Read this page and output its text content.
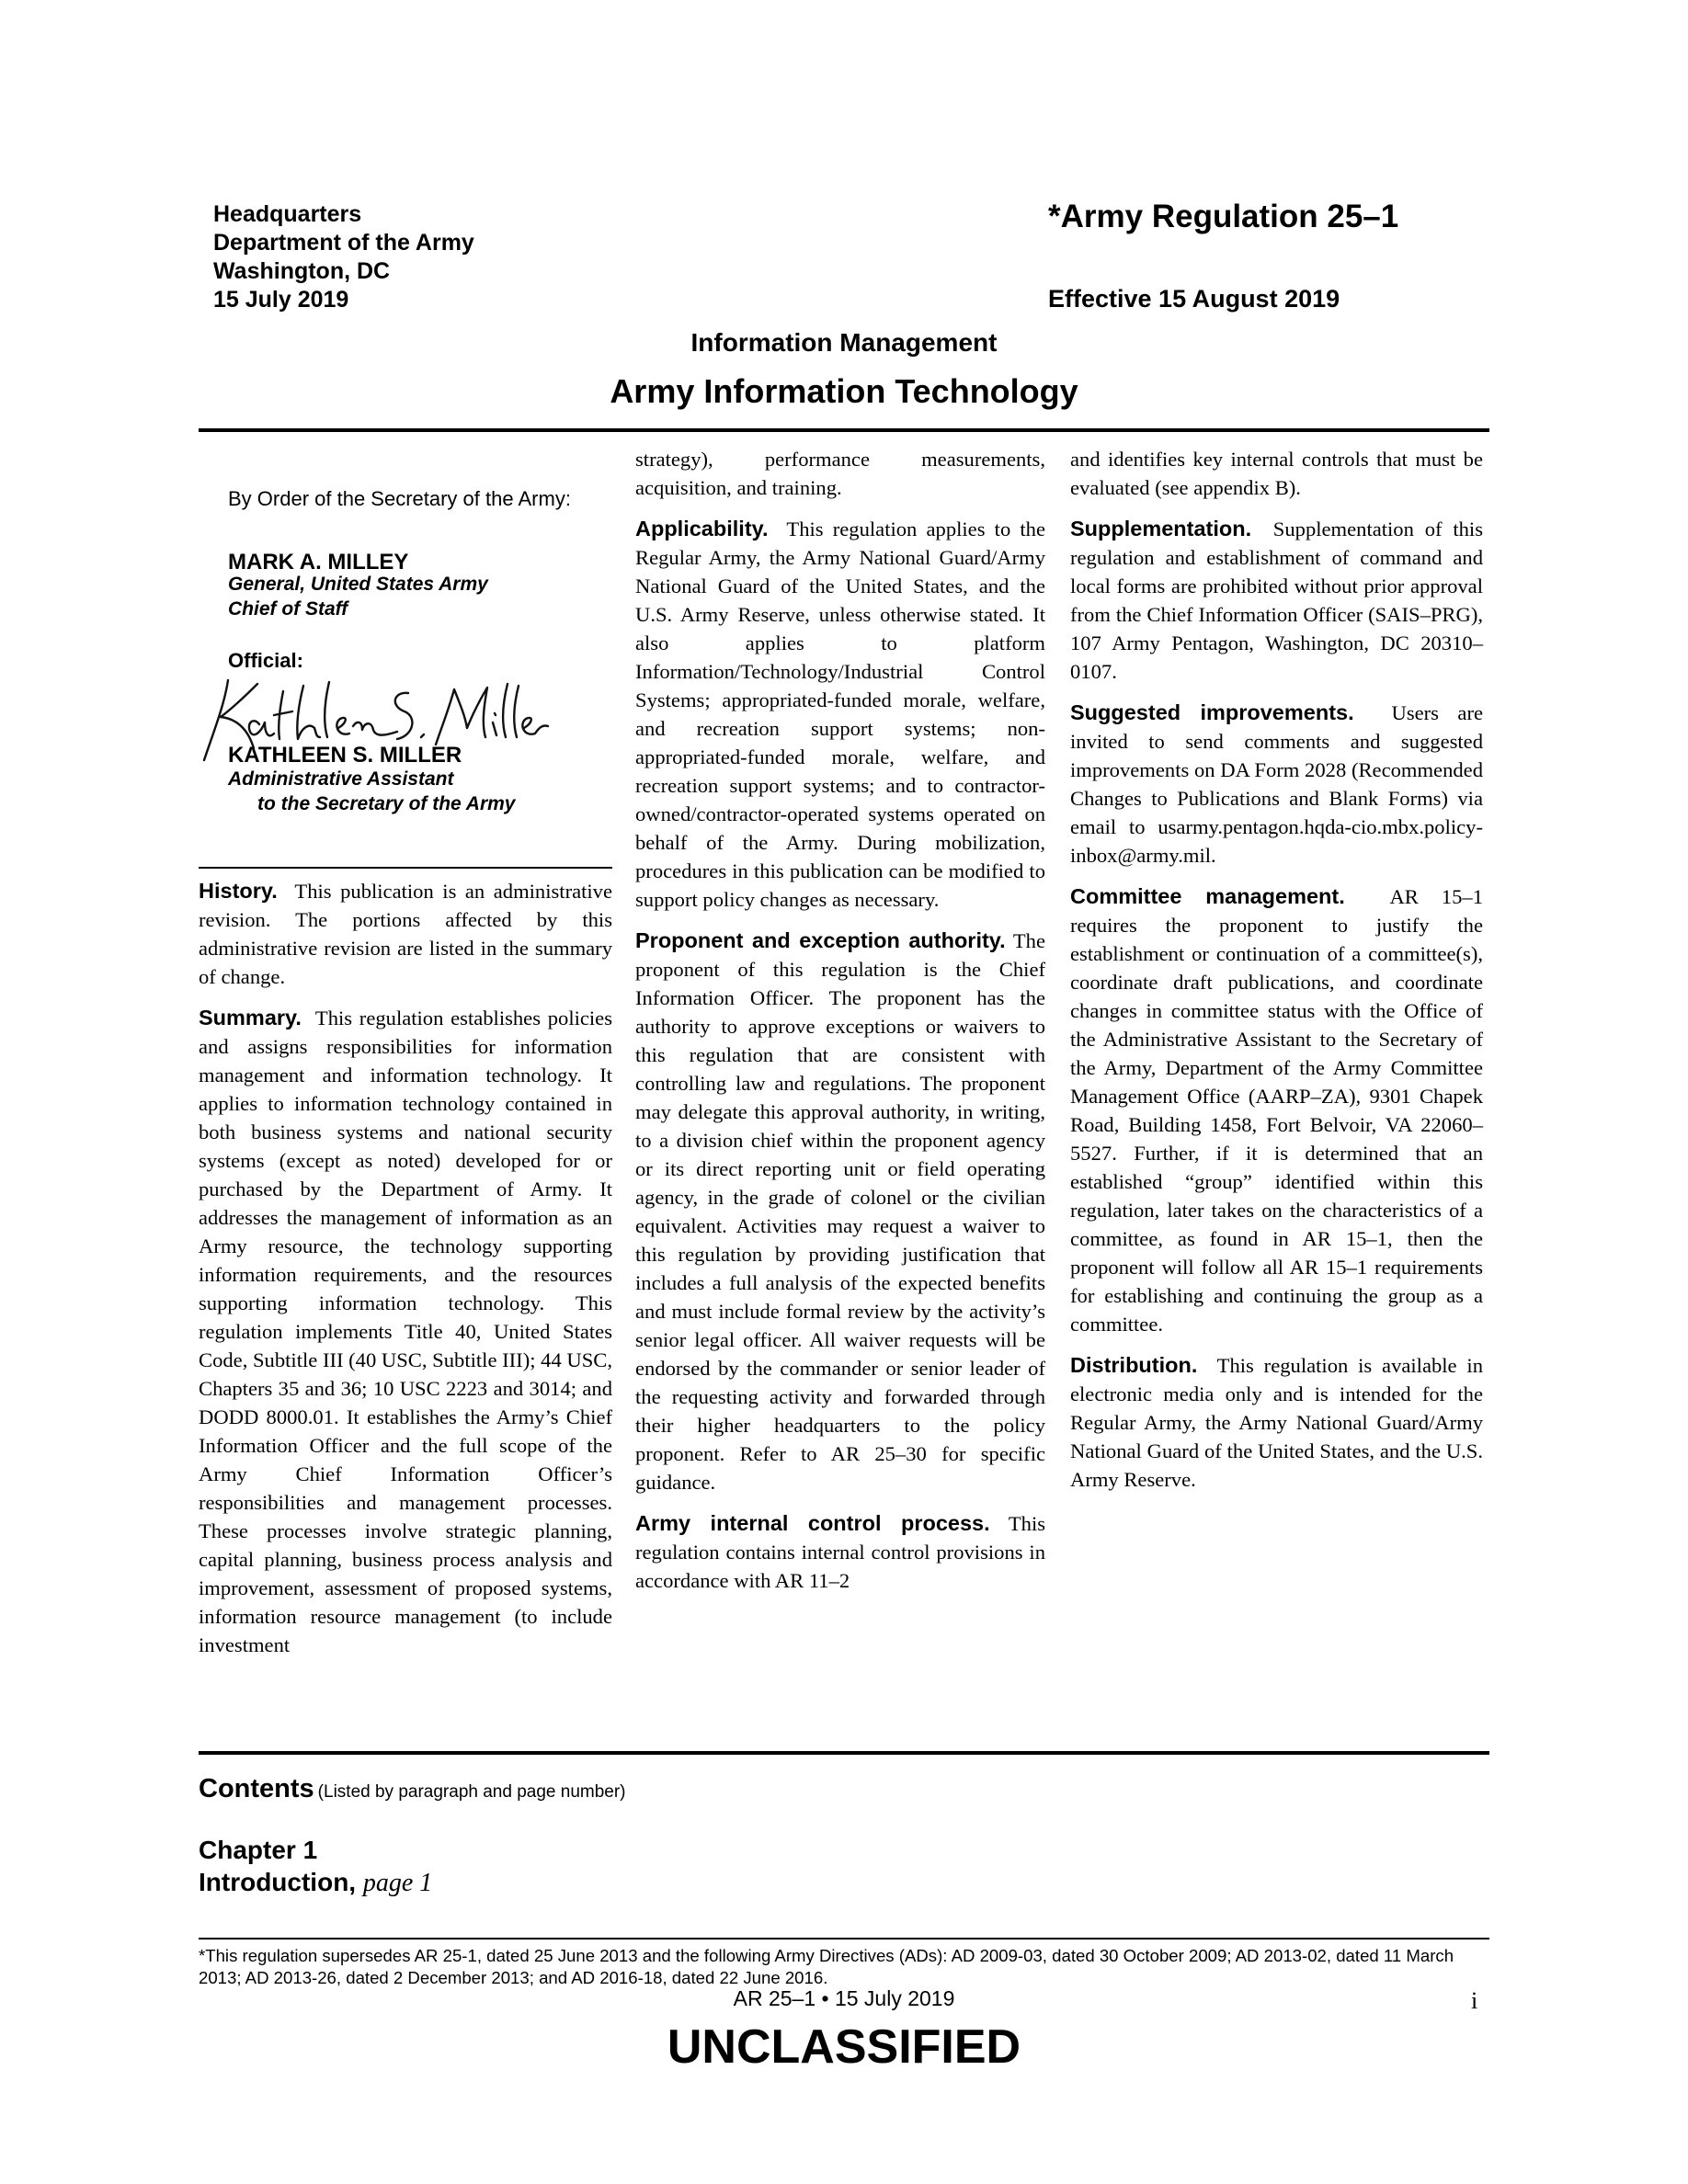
Headquarters
Department of the Army
Washington, DC
15 July 2019
*Army Regulation 25–1
Effective 15 August 2019
Information Management
Army Information Technology
By Order of the Secretary of the Army:
MARK A. MILLEY
General, United States Army
Chief of Staff
Official:
KATHLEEN S. MILLER
Administrative Assistant
to the Secretary of the Army

History. This publication is an administrative revision. The portions affected by this administrative revision are listed in the summary of change.

Summary. This regulation establishes policies and assigns responsibilities for information management and information technology. It applies to information technology contained in both business systems and national security systems (except as noted) developed for or purchased by the Department of Army. It addresses the management of information as an Army resource, the technology supporting information requirements, and the resources supporting information technology. This regulation implements Title 40, United States Code, Subtitle III (40 USC, Subtitle III); 44 USC, Chapters 35 and 36; 10 USC 2223 and 3014; and DODD 8000.01. It establishes the Army’s Chief Information Officer and the full scope of the Army Chief Information Officer’s responsibilities and management processes. These processes involve strategic planning, capital planning, business process analysis and improvement, assessment of proposed systems, information resource management (to include investment

strategy), performance measurements, acquisition, and training.

Applicability. This regulation applies to the Regular Army, the Army National Guard/Army National Guard of the United States, and the U.S. Army Reserve, unless otherwise stated. It also applies to platform Information/Technology/Industrial Control Systems; appropriated-funded morale, welfare, and recreation support systems; non-appropriated-funded morale, welfare, and recreation support systems; and to contractor-owned/contractor-operated systems operated on behalf of the Army. During mobilization, procedures in this publication can be modified to support policy changes as necessary.

Proponent and exception authority. The proponent of this regulation is the Chief Information Officer. The proponent has the authority to approve exceptions or waivers to this regulation that are consistent with controlling law and regulations. The proponent may delegate this approval authority, in writing, to a division chief within the proponent agency or its direct reporting unit or field operating agency, in the grade of colonel or the civilian equivalent. Activities may request a waiver to this regulation by providing justification that includes a full analysis of the expected benefits and must include formal review by the activity’s senior legal officer. All waiver requests will be endorsed by the commander or senior leader of the requesting activity and forwarded through their higher headquarters to the policy proponent. Refer to AR 25–30 for specific guidance.

Army internal control process. This regulation contains internal control provisions in accordance with AR 11–2

and identifies key internal controls that must be evaluated (see appendix B).

Supplementation. Supplementation of this regulation and establishment of command and local forms are prohibited without prior approval from the Chief Information Officer (SAIS–PRG), 107 Army Pentagon, Washington, DC 20310–0107.

Suggested improvements. Users are invited to send comments and suggested improvements on DA Form 2028 (Recommended Changes to Publications and Blank Forms) via email to usarmy.pentagon.hqda-cio.mbx.policy-inbox@army.mil.

Committee management. AR 15–1 requires the proponent to justify the establishment or continuation of a committee(s), coordinate draft publications, and coordinate changes in committee status with the Office of the Administrative Assistant to the Secretary of the Army, Department of the Army Committee Management Office (AARP–ZA), 9301 Chapek Road, Building 1458, Fort Belvoir, VA 22060–5527. Further, if it is determined that an established “group” identified within this regulation, later takes on the characteristics of a committee, as found in AR 15–1, then the proponent will follow all AR 15–1 requirements for establishing and continuing the group as a committee.

Distribution. This regulation is available in electronic media only and is intended for the Regular Army, the Army National Guard/Army National Guard of the United States, and the U.S. Army Reserve.

Contents (Listed by paragraph and page number)
Chapter 1
Introduction, page 1
*This regulation supersedes AR 25-1, dated 25 June 2013 and the following Army Directives (ADs): AD 2009-03, dated 30 October 2009; AD 2013-02, dated 11 March 2013; AD 2013-26, dated 2 December 2013; and AD 2016-18, dated 22 June 2016.
AR 25–1 • 15 July 2019	i
UNCLASSIFIED
